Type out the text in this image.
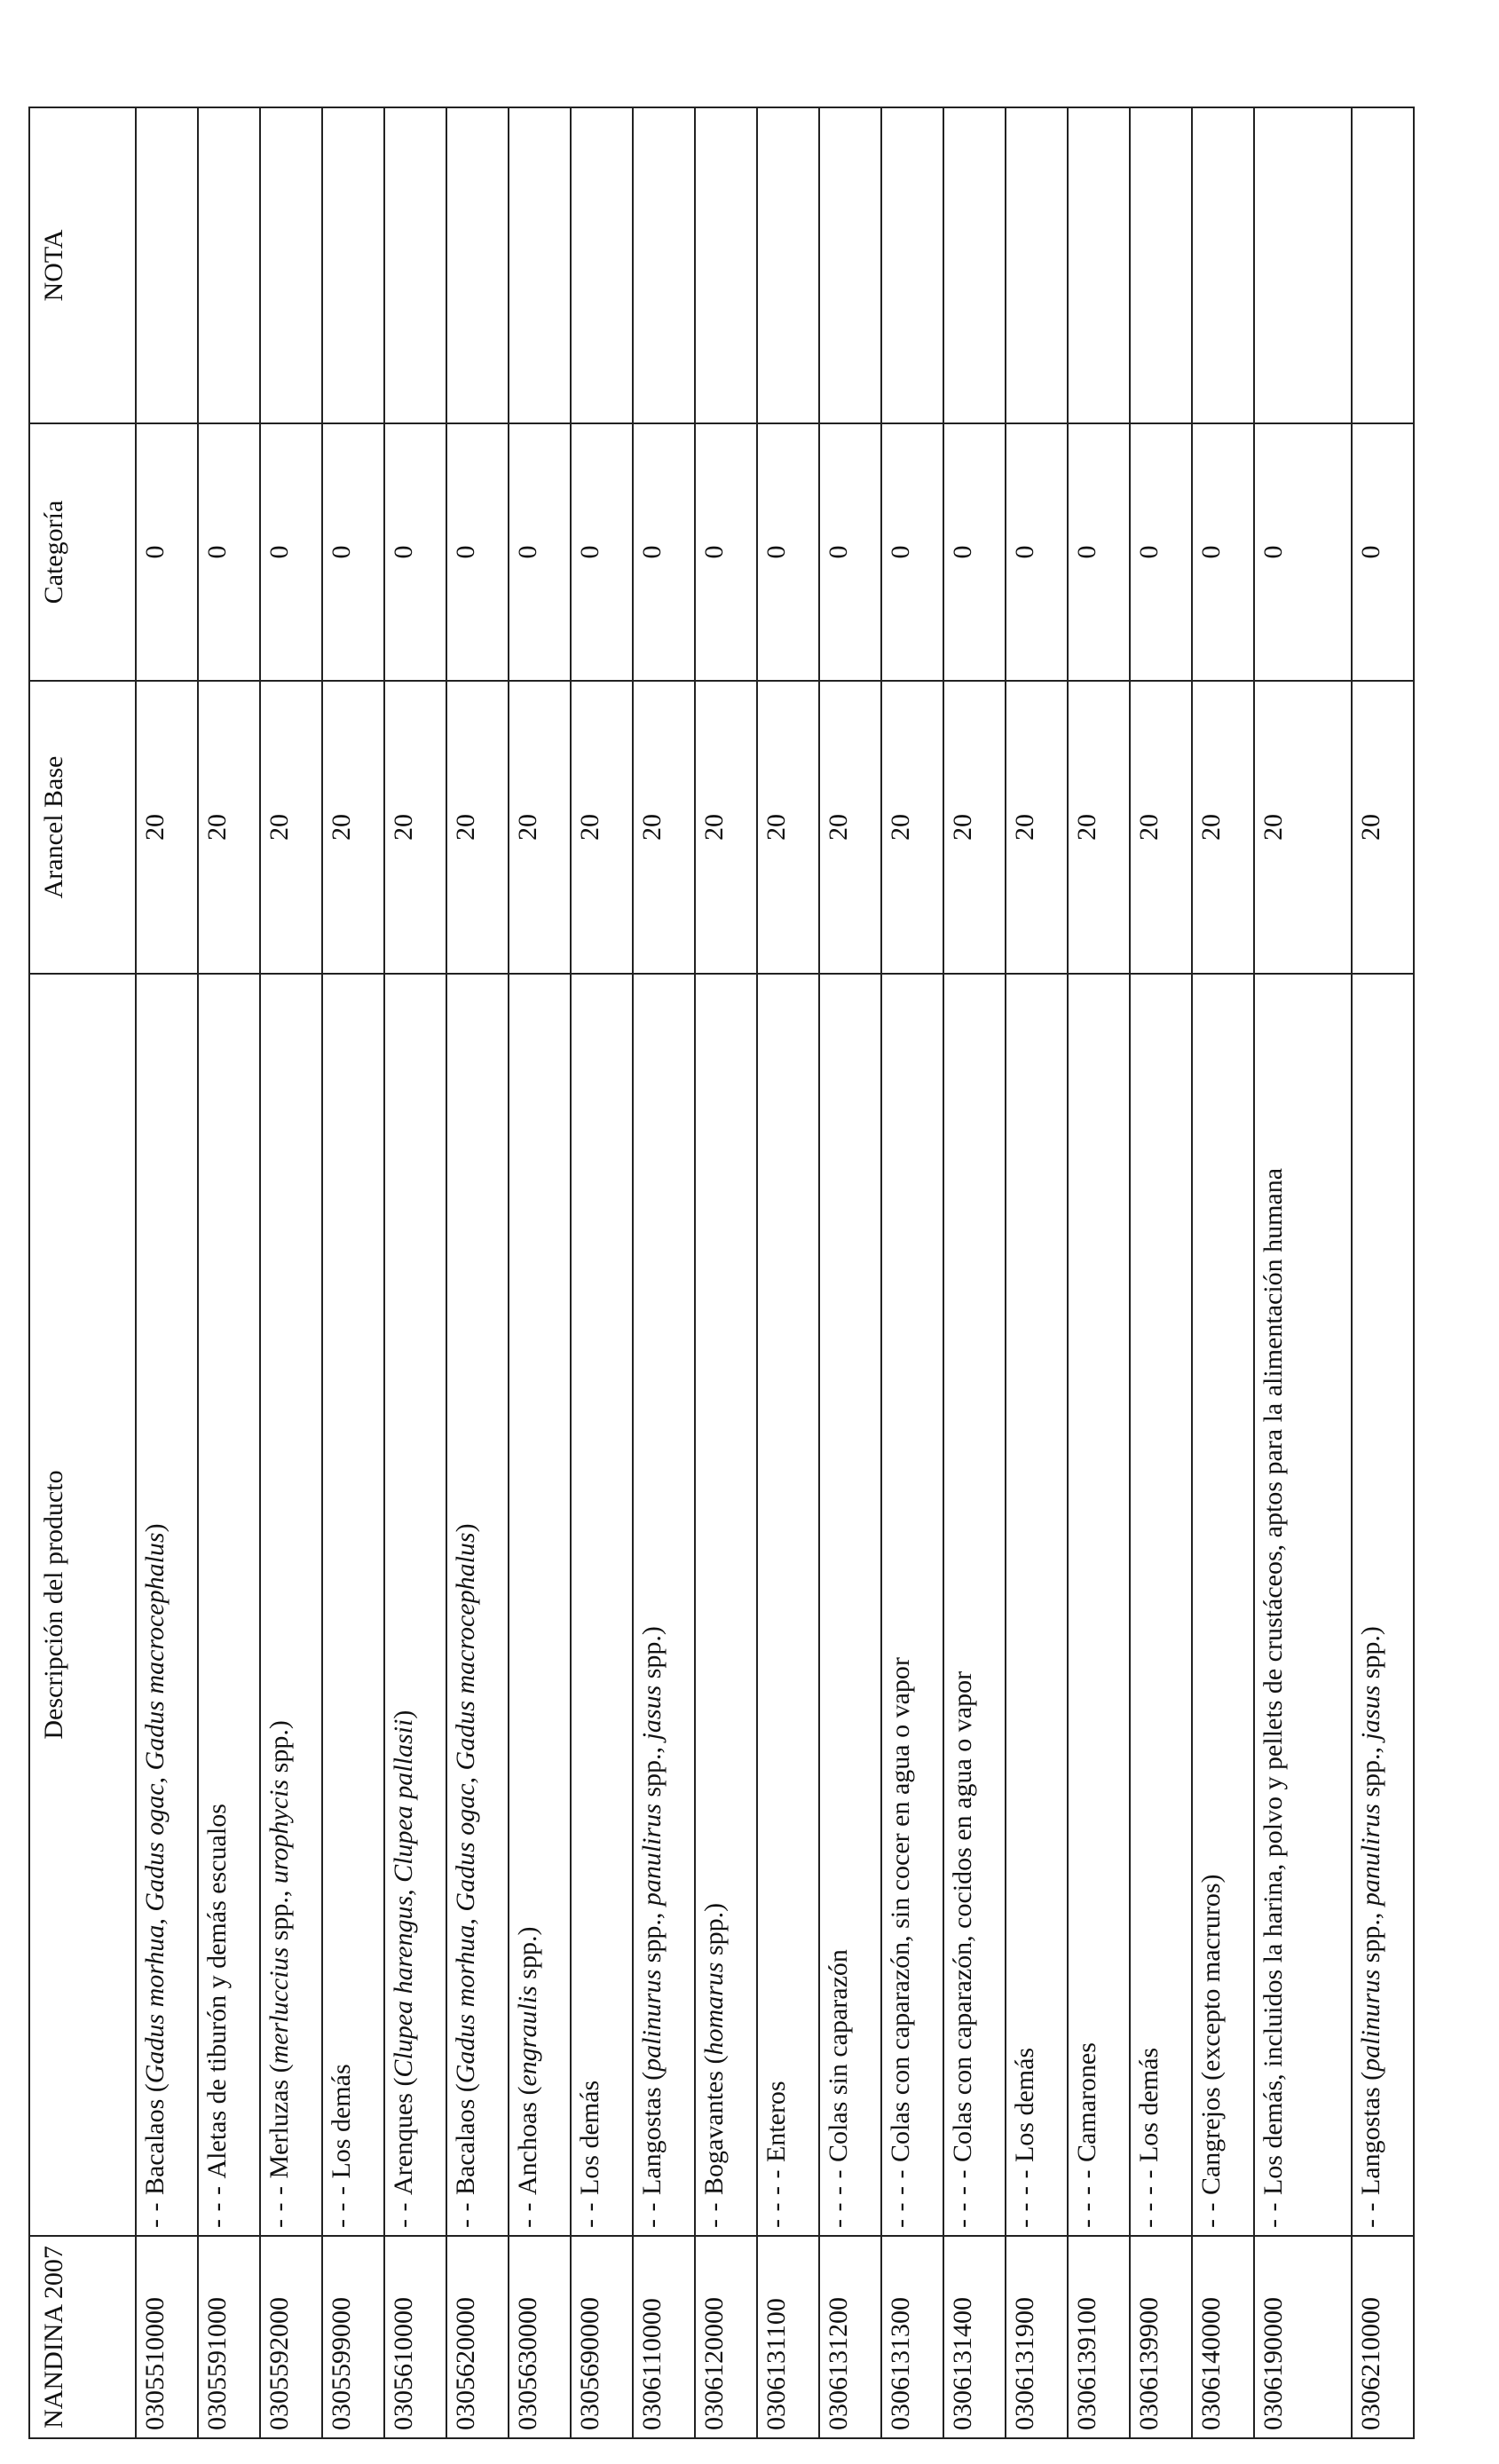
NANDINA 2007	Descripción del producto	Arancel Base	Categoría	NOTA
0305510000	- - Bacalaos (Gadus morhua, Gadus ogac, Gadus macrocephalus)	20	0	
0305591000	- - - Aletas de tiburón y demás escualos	20	0	
0305592000	- - - Merluzas (merluccius spp., urophycis spp.)	20	0	
0305599000	- - - Los demás	20	0	
0305610000	- - Arenques (Clupea harengus, Clupea pallasii)	20	0	
0305620000	- - Bacalaos (Gadus morhua, Gadus ogac, Gadus macrocephalus)	20	0	
0305630000	- - Anchoas (engraulis spp.)	20	0	
0305690000	- - Los demás	20	0	
0306110000	- - Langostas (palinurus spp., panulirus spp., jasus spp.)	20	0	
0306120000	- - Bogavantes (homarus spp.)	20	0	
0306131100	- - - - Enteros	20	0	
0306131200	- - - - Colas sin caparazón	20	0	
0306131300	- - - - Colas con caparazón, sin cocer en agua o vapor	20	0	
0306131400	- - - - Colas con caparazón, cocidos en agua o vapor	20	0	
0306131900	- - - - Los demás	20	0	
0306139100	- - - - Camarones	20	0	
0306139900	- - - - Los demás	20	0	
0306140000	- - Cangrejos (excepto macruros)	20	0	
0306190000	- - Los demás, incluidos la harina, polvo y pellets de crustáceos, aptos para la alimentación humana	20	0	
0306210000	- - Langostas (palinurus spp., panulirus spp., jasus spp.)	20	0	
